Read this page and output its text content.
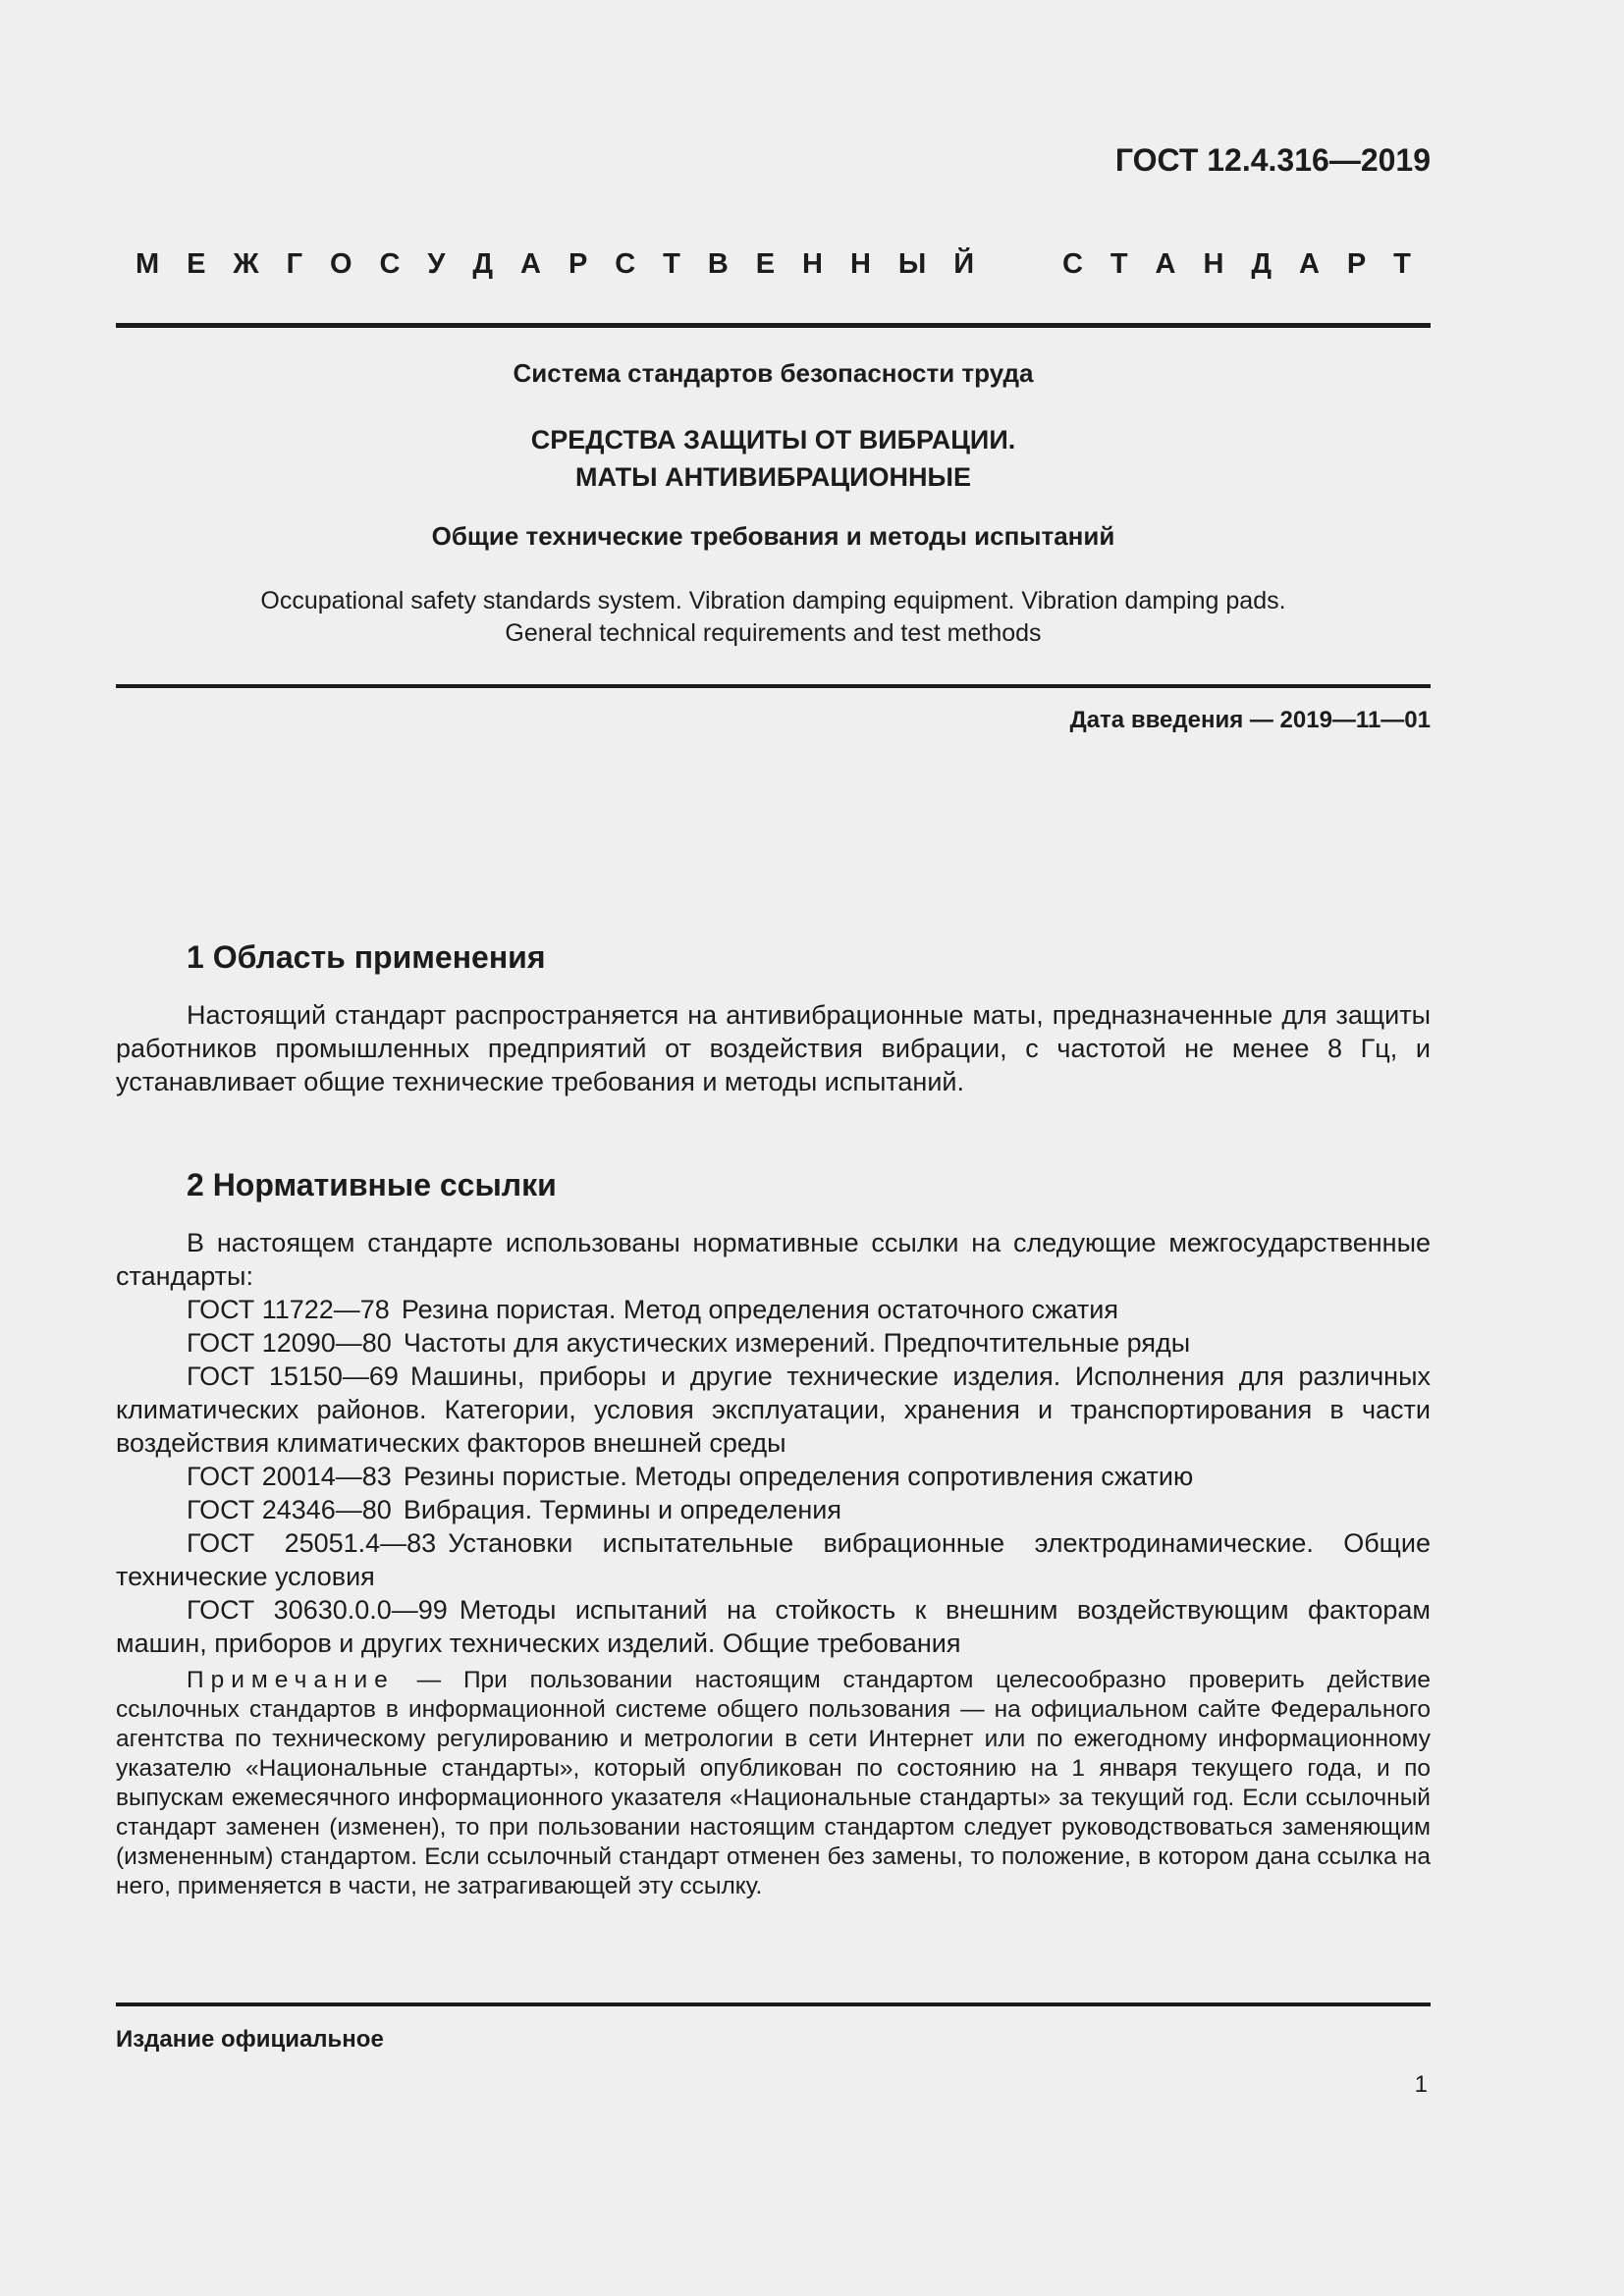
ГОСТ 12.4.316—2019
М Е Ж Г О С У Д А Р С Т В Е Н Н Ы Й	С Т А Н Д А Р Т
Система стандартов безопасности труда
СРЕДСТВА ЗАЩИТЫ ОТ ВИБРАЦИИ.
МАТЫ АНТИВИБРАЦИОННЫЕ
Общие технические требования и методы испытаний
Occupational safety standards system. Vibration damping equipment. Vibration damping pads.
General technical requirements and test methods
Дата введения — 2019—11—01
1 Область применения

Настоящий стандарт распространяется на антивибрационные маты, предназначенные для защиты работников промышленных предприятий от воздействия вибрации, с частотой не менее 8 Гц, и устанавливает общие технические требования и методы испытаний.

2 Нормативные ссылки

В настоящем стандарте использованы нормативные ссылки на следующие межгосударственные стандарты:

ГОСТ 11722—78 Резина пористая. Метод определения остаточного сжатия

ГОСТ 12090—80 Частоты для акустических измерений. Предпочтительные ряды

ГОСТ 15150—69 Машины, приборы и другие технические изделия. Исполнения для различных климатических районов. Категории, условия эксплуатации, хранения и транспортирования в части воздействия климатических факторов внешней среды

ГОСТ 20014—83 Резины пористые. Методы определения сопротивления сжатию

ГОСТ 24346—80 Вибрация. Термины и определения

ГОСТ 25051.4—83 Установки испытательные вибрационные электродинамические. Общие технические условия

ГОСТ 30630.0.0—99 Методы испытаний на стойкость к внешним воздействующим факторам машин, приборов и других технических изделий. Общие требования

Примечание — При пользовании настоящим стандартом целесообразно проверить действие ссылочных стандартов в информационной системе общего пользования — на официальном сайте Федерального агентства по техническому регулированию и метрологии в сети Интернет или по ежегодному информационному указателю «Национальные стандарты», который опубликован по состоянию на 1 января текущего года, и по выпускам ежемесячного информационного указателя «Национальные стандарты» за текущий год. Если ссылочный стандарт заменен (изменен), то при пользовании настоящим стандартом следует руководствоваться заменяющим (измененным) стандартом. Если ссылочный стандарт отменен без замены, то положение, в котором дана ссылка на него, применяется в части, не затрагивающей эту ссылку.

Издание официальное
1
